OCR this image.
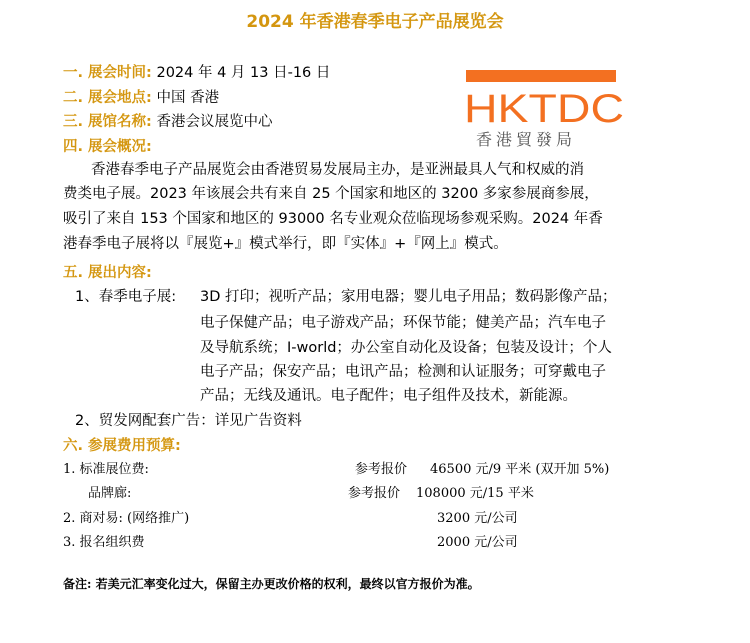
2024 年香港春季电子产品展览会
一. 展会时间: 2024 年 4 月 13 日-16 日
二. 展会地点: 中国 香港
三. 展馆名称: 香港会议展览中心	HKTDC
香港貿發局
四. 展会概况:
香港春季电子产品展览会由香港贸易发展局主办，是亚洲最具人气和权威的消
费类电子展。2023 年该展会共有来自 25 个国家和地区的 3200 多家参展商参展，
吸引了来自 153 个国家和地区的 93000 名专业观众莅临现场参观采购。2024 年香
港春季电子展将以『展览+』模式举行，即『实体』+『网上』模式。
五. 展出内容:
1、春季电子展: 3D 打印；视听产品；家用电器；婴儿电子用品；数码影像产品；
电子保健产品；电子游戏产品；环保节能；健美产品；汽车电子
及导航系统；I-world；办公室自动化及设备；包装及设计；个人
电子产品；保安产品；电讯产品；检测和认证服务；可穿戴电子
产品；无线及通讯。电子配件；电子组件及技术，新能源。
2、贸发网配套广告：详见广告资料
六. 参展费用预算:
1. 标准展位费:	参考报价 46500 元/9 平米 (双开加 5%)
品牌廊:	参考报价 108000 元/15 平米
2. 商对易: (网络推广)	3200 元/公司
3. 报名组织费	2000 元/公司
备注: 若美元汇率变化过大，保留主办更改价格的权利，最终以官方报价为准。
